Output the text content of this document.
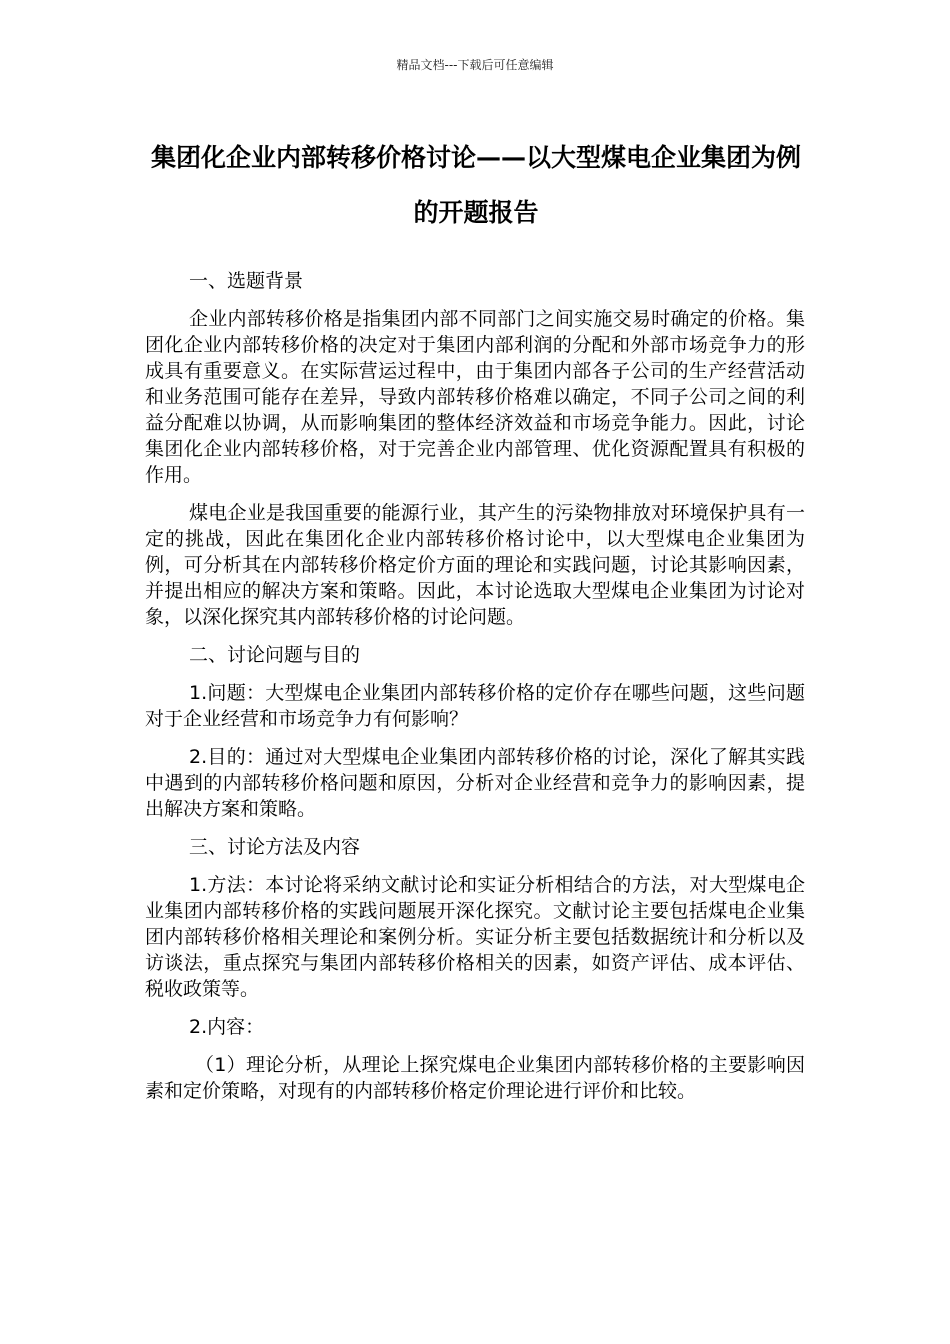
精品文档---下载后可任意编辑
集团化企业内部转移价格讨论——以大型煤电企业集团为例的开题报告

一、选题背景

企业内部转移价格是指集团内部不同部门之间实施交易时确定的价格。集团化企业内部转移价格的决定对于集团内部利润的分配和外部市场竞争力的形成具有重要意义。在实际营运过程中，由于集团内部各子公司的生产经营活动和业务范围可能存在差异，导致内部转移价格难以确定，不同子公司之间的利益分配难以协调，从而影响集团的整体经济效益和市场竞争能力。因此，讨论集团化企业内部转移价格，对于完善企业内部管理、优化资源配置具有积极的作用。

煤电企业是我国重要的能源行业，其产生的污染物排放对环境保护具有一定的挑战，因此在集团化企业内部转移价格讨论中，以大型煤电企业集团为例，可分析其在内部转移价格定价方面的理论和实践问题，讨论其影响因素，并提出相应的解决方案和策略。因此，本讨论选取大型煤电企业集团为讨论对象，以深化探究其内部转移价格的讨论问题。

二、讨论问题与目的

1.问题：大型煤电企业集团内部转移价格的定价存在哪些问题，这些问题对于企业经营和市场竞争力有何影响？

2.目的：通过对大型煤电企业集团内部转移价格的讨论，深化了解其实践中遇到的内部转移价格问题和原因，分析对企业经营和竞争力的影响因素，提出解决方案和策略。

三、讨论方法及内容

1.方法：本讨论将采纳文献讨论和实证分析相结合的方法，对大型煤电企业集团内部转移价格的实践问题展开深化探究。文献讨论主要包括煤电企业集团内部转移价格相关理论和案例分析。实证分析主要包括数据统计和分析以及访谈法，重点探究与集团内部转移价格相关的因素，如资产评估、成本评估、税收政策等。

2.内容：

（1）理论分析，从理论上探究煤电企业集团内部转移价格的主要影响因素和定价策略，对现有的内部转移价格定价理论进行评价和比较。
